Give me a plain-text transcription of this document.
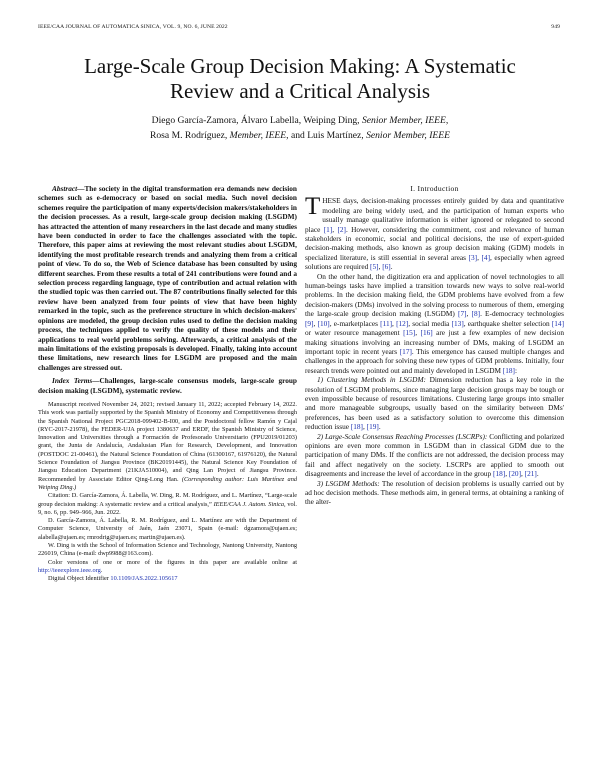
IEEE/CAA JOURNAL OF AUTOMATICA SINICA, VOL. 9, NO. 6, JUNE 2022	949
Large-Scale Group Decision Making: A Systematic
Review and a Critical Analysis
Diego García-Zamora, Álvaro Labella, Weiping Ding, Senior Member, IEEE,
Rosa M. Rodríguez, Member, IEEE, and Luis Martínez, Senior Member, IEEE

Abstract—The society in the digital transformation era demands new decision schemes such as e-democracy or based on social media. Such novel decision schemes require the participation of many experts/decision makers/stakeholders in the decision processes. As a result, large-scale group decision making (LSGDM) has attracted the attention of many researchers in the last decade and many studies have been conducted in order to face the challenges associated with the topic. Therefore, this paper aims at reviewing the most relevant studies about LSGDM, identifying the most profitable research trends and analyzing them from a critical point of view. To do so, the Web of Science database has been consulted by using different searches. From these results a total of 241 contributions were found and a selection process regarding language, type of contribution and actual relation with the studied topic was then carried out. The 87 contributions finally selected for this review have been analyzed from four points of view that have been highly remarked in the topic, such as the preference structure in which decision-makers' opinions are modeled, the group decision rules used to define the decision making process, the techniques applied to verify the quality of these models and their applications to real world problems solving. Afterwards, a critical analysis of the main limitations of the existing proposals is developed. Finally, taking into account these limitations, new research lines for LSGDM are proposed and the main challenges are stressed out.

Index Terms—Challenges, large-scale consensus models, large-scale group decision making (LSGDM), systematic review.

Manuscript received November 24, 2021; revised January 11, 2022; accepted February 14, 2022. This work was partially supported by the Spanish Ministry of Economy and Competitiveness through the Spanish National Project PGC2018-099402-B-I00, and the Postdoctoral fellow Ramón y Cajal (RYC-2017-21978), the FEDER-UJA project 1380637 and ERDF, the Spanish Ministry of Science, Innovation and Universities through a Formación de Profesorado Universitario (FPU2019/01203) grant, the Junta de Andalucía, Andalusian Plan for Research, Development, and Innovation (POSTDOC 21-00461), the Natural Science Foundation of China (61300167, 61976120), the Natural Science Foundation of Jiangsu Province (BK20191445), the Natural Science Key Foundation of Jiangsu Education Department (21KJA510004), and Qing Lan Project of Jiangsu Province. Recommended by Associate Editor Qing-Long Han. (Corresponding author: Luis Martínez and Weiping Ding.)

Citation: D. García-Zamora, Á. Labella, W. Ding, R. M. Rodríguez, and L. Martínez, “Large-scale group decision making: A systematic review and a critical analysis,” IEEE/CAA J. Autom. Sinica, vol. 9, no. 6, pp. 949–966, Jun. 2022.

D. García-Zamora, Á. Labella, R. M. Rodríguez, and L. Martínez are with the Department of Computer Science, University of Jaén, Jaén 23071, Spain (e-mail: dgzamora@ujaen.es; alabella@ujaen.es; rmrodrig@ujaen.es; martin@ujaen.es).

W. Ding is with the School of Information Science and Technology, Nantong University, Nantong 226019, China (e-mail: dwp9988@163.com).

Color versions of one or more of the figures in this paper are available online at http://ieeexplore.ieee.org.

Digital Object Identifier 10.1109/JAS.2022.105617

I. Introduction

THESE days, decision-making processes entirely guided by data and quantitative modeling are being widely used, and the participation of human experts who usually manage qualitative information is either ignored or relegated to second place [1], [2]. However, considering the commitment, cost and relevance of human stakeholders in economic, social and political decisions, the use of expert-guided decision-making methods, also known as group decision making (GDM) models in specialized literature, is still essential in several areas [3], [4], especially when agreed solutions are required [5], [6].

On the other hand, the digitization era and application of novel technologies to all human-beings tasks have implied a transition towards new ways to solve real-world problems. In the decision making field, the GDM problems have evolved from a few decision-makers (DMs) involved in the solving process to numerous of them, emerging the large-scale group decision making (LSGDM) [7], [8]. E-democracy technologies [9], [10], e-marketplaces [11], [12], social media [13], earthquake shelter selection [14] or water resource management [15], [16] are just a few examples of new decision making situations involving an increasing number of DMs, making of LSGDM an important topic in recent years [17]. This emergence has caused multiple changes and challenges in the approach for solving these new types of GDM problems. Initially, four research trends were pointed out and mainly developed in LSGDM [18]:

1) Clustering Methods in LSGDM: Dimension reduction has a key role in the resolution of LSGDM problems, since managing large decision groups may be tough or even impossible because of resources limitations. Clustering large groups into smaller and more manageable subgroups, usually based on the similarity between DMs' preferences, has been used as a satisfactory solution to overcome this dimension reduction issue [18], [19].

2) Large-Scale Consensus Reaching Processes (LSCRPs): Conflicting and polarized opinions are even more common in LSGDM than in classical GDM due to the participation of many DMs. If the conflicts are not addressed, the decision process may fail and affect negatively on the society. LSCRPs are applied to smooth out disagreements and increase the level of accordance in the group [18], [20], [21].

3) LSGDM Methods: The resolution of decision problems is usually carried out by ad hoc decision methods. These methods aim, in general terms, at obtaining a ranking of the alter-
